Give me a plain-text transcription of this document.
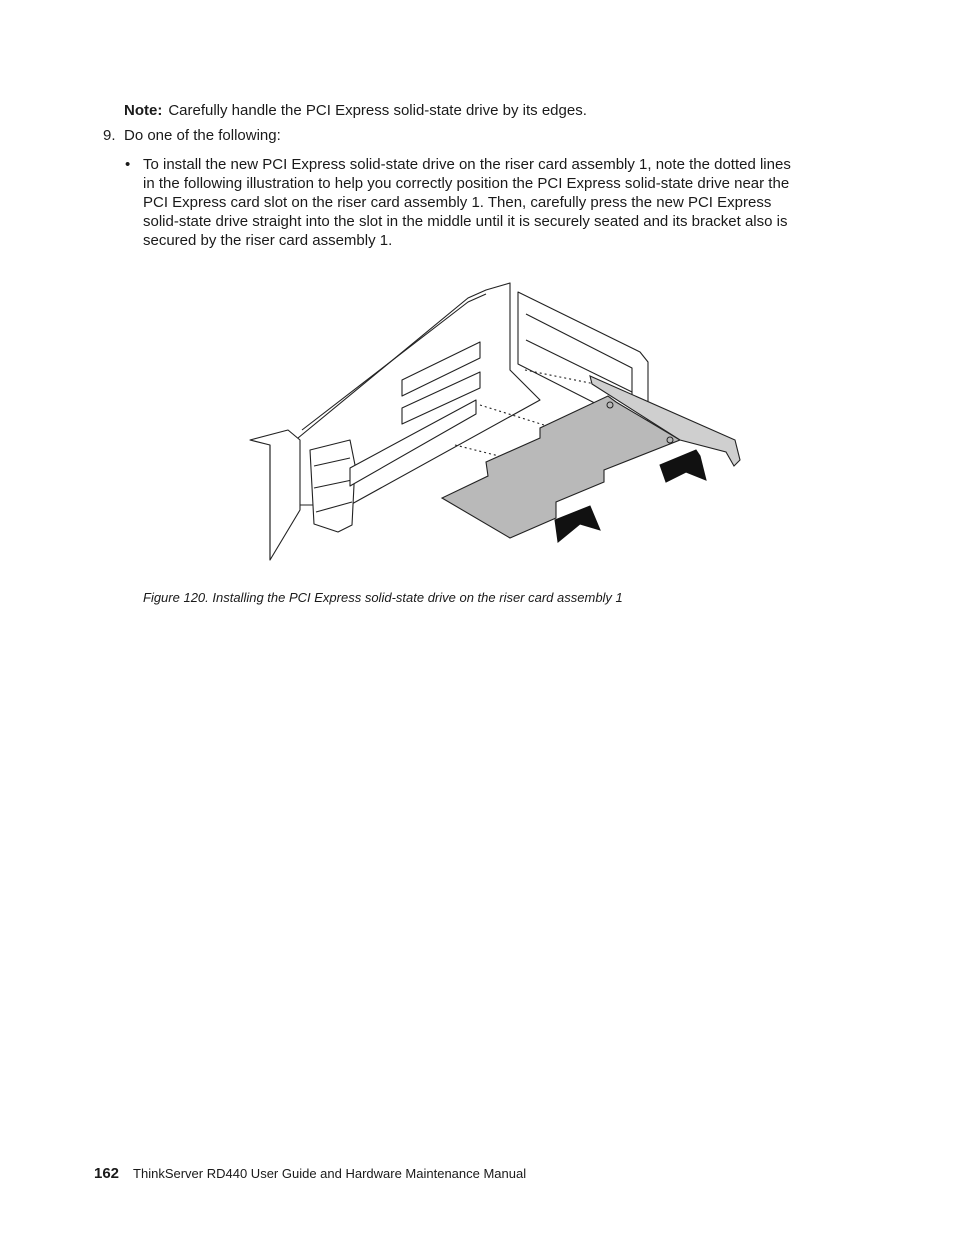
Note: Carefully handle the PCI Express solid-state drive by its edges.
9. Do one of the following:
• To install the new PCI Express solid-state drive on the riser card assembly 1, note the dotted lines
in the following illustration to help you correctly position the PCI Express solid-state drive near the
PCI Express card slot on the riser card assembly 1. Then, carefully press the new PCI Express
solid-state drive straight into the slot in the middle until it is securely seated and its bracket also is
secured by the riser card assembly 1.
Figure 120. Installing the PCI Express solid-state drive on the riser card assembly 1
162 ThinkServer RD440 User Guide and Hardware Maintenance Manual
